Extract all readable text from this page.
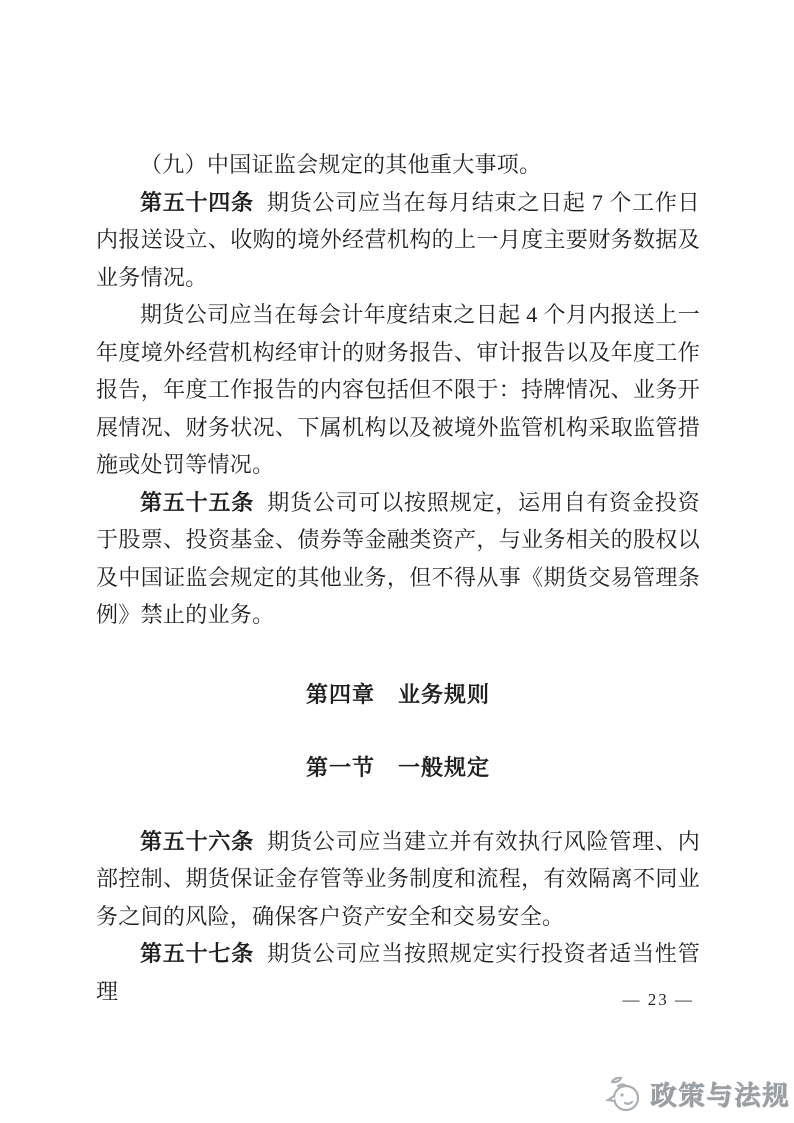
（九）中国证监会规定的其他重大事项。

第五十四条 期货公司应当在每月结束之日起 7 个工作日内报送设立、收购的境外经营机构的上一月度主要财务数据及业务情况。

期货公司应当在每会计年度结束之日起 4 个月内报送上一年度境外经营机构经审计的财务报告、审计报告以及年度工作报告，年度工作报告的内容包括但不限于：持牌情况、业务开展情况、财务状况、下属机构以及被境外监管机构采取监管措施或处罚等情况。

第五十五条 期货公司可以按照规定，运用自有资金投资于股票、投资基金、债券等金融类资产，与业务相关的股权以及中国证监会规定的其他业务，但不得从事《期货交易管理条例》禁止的业务。

第四章　业务规则
第一节　一般规定

第五十六条 期货公司应当建立并有效执行风险管理、内部控制、期货保证金存管等业务制度和流程，有效隔离不同业务之间的风险，确保客户资产安全和交易安全。

第五十七条 期货公司应当按照规定实行投资者适当性管理	— 23 —
政策与法规
